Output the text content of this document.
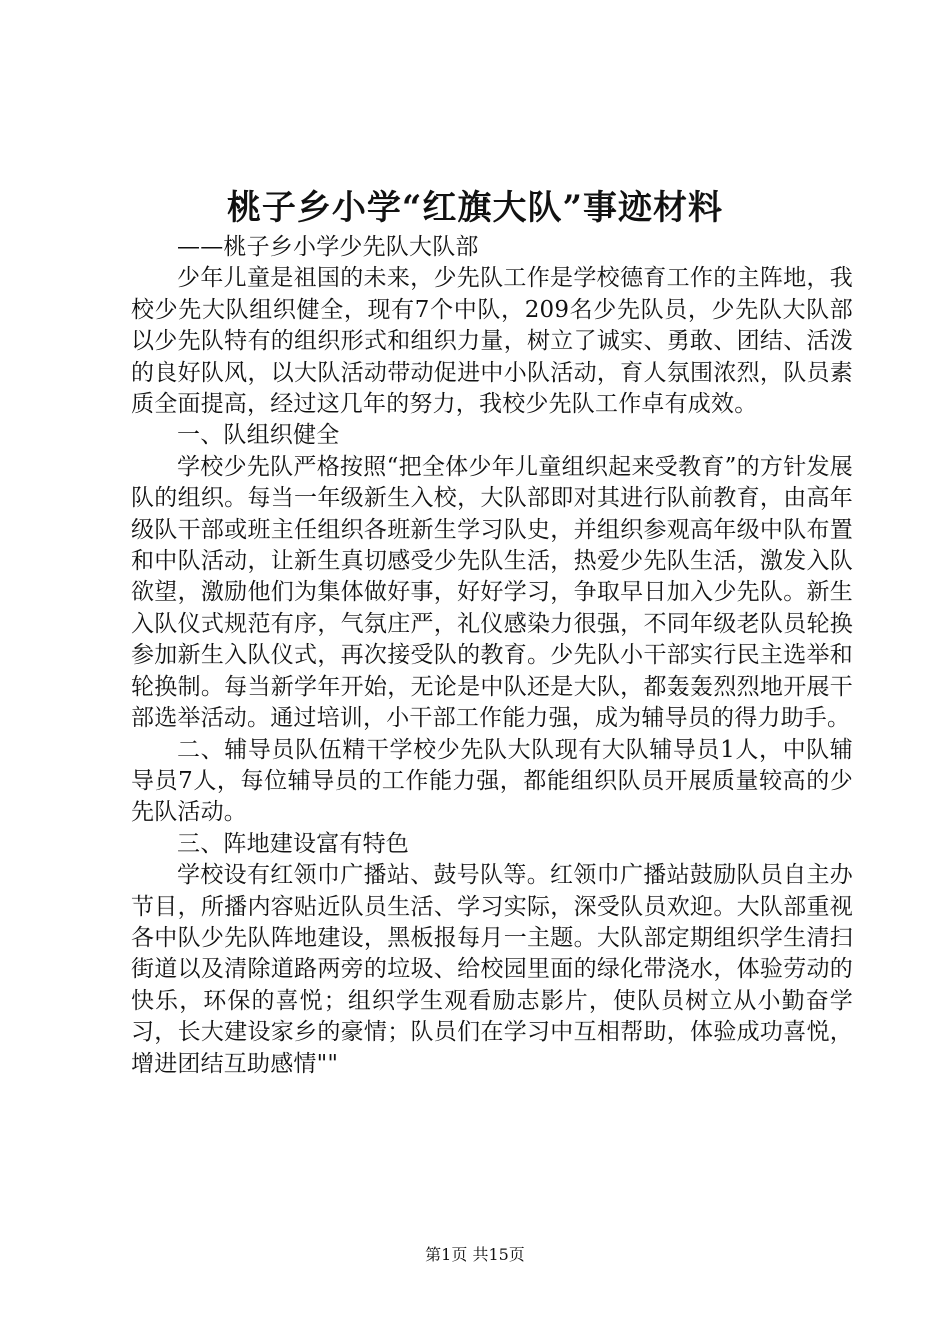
桃子乡小学“红旗大队”事迹材料

——桃子乡小学少先队大队部

少年儿童是祖国的未来，少先队工作是学校德育工作的主阵地，我校少先大队组织健全，现有7个中队，209名少先队员，少先队大队部以少先队特有的组织形式和组织力量，树立了诚实、勇敢、团结、活泼的良好队风，以大队活动带动促进中小队活动，育人氛围浓烈，队员素质全面提高，经过这几年的努力，我校少先队工作卓有成效。

一、队组织健全

学校少先队严格按照“把全体少年儿童组织起来受教育”的方针发展队的组织。每当一年级新生入校，大队部即对其进行队前教育，由高年级队干部或班主任组织各班新生学习队史，并组织参观高年级中队布置和中队活动，让新生真切感受少先队生活，热爱少先队生活，激发入队欲望，激励他们为集体做好事，好好学习，争取早日加入少先队。新生入队仪式规范有序，气氛庄严，礼仪感染力很强，不同年级老队员轮换参加新生入队仪式，再次接受队的教育。少先队小干部实行民主选举和轮换制。每当新学年开始，无论是中队还是大队，都轰轰烈烈地开展干部选举活动。通过培训，小干部工作能力强，成为辅导员的得力助手。

二、辅导员队伍精干学校少先队大队现有大队辅导员1人，中队辅导员7人，每位辅导员的工作能力强，都能组织队员开展质量较高的少先队活动。

三、阵地建设富有特色

学校设有红领巾广播站、鼓号队等。红领巾广播站鼓励队员自主办节目，所播内容贴近队员生活、学习实际，深受队员欢迎。大队部重视各中队少先队阵地建设，黑板报每月一主题。大队部定期组织学生清扫街道以及清除道路两旁的垃圾、给校园里面的绿化带浇水，体验劳动的快乐，环保的喜悦；组织学生观看励志影片，使队员树立从小勤奋学习，长大建设家乡的豪情；队员们在学习中互相帮助，体验成功喜悦，增进团结互助感情""

第1页 共15页
